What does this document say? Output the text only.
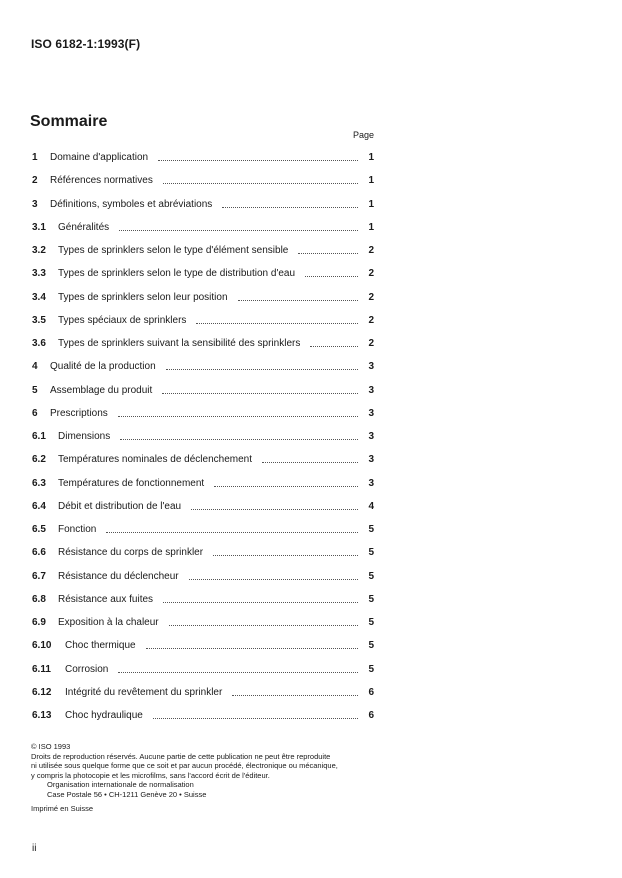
ISO 6182-1:1993(F)
Sommaire
Page
1 Domaine d'application	1
2 Références normatives	1
3 Définitions, symboles et abréviations	1
3.1 Généralités	1
3.2 Types de sprinklers selon le type d'élément sensible	2
3.3 Types de sprinklers selon le type de distribution d'eau	2
3.4 Types de sprinklers selon leur position	2
3.5 Types spéciaux de sprinklers	2
3.6 Types de sprinklers suivant la sensibilité des sprinklers	2
4 Qualité de la production	3
5 Assemblage du produit	3
6 Prescriptions	3
6.1 Dimensions	3
6.2 Températures nominales de déclenchement	3
6.3 Températures de fonctionnement	3
6.4 Débit et distribution de l'eau	4
6.5 Fonction	5
6.6 Résistance du corps de sprinkler	5
6.7 Résistance du déclencheur	5
6.8 Résistance aux fuites	5
6.9 Exposition à la chaleur	5
6.10 Choc thermique	5
6.11 Corrosion	5
6.12 Intégrité du revêtement du sprinkler	6
6.13 Choc hydraulique	6
© ISO 1993
Droits de reproduction réservés. Aucune partie de cette publication ne peut être reproduite
ni utilisée sous quelque forme que ce soit et par aucun procédé, électronique ou mécanique,
y compris la photocopie et les microfilms, sans l'accord écrit de l'éditeur.
Organisation internationale de normalisation
Case Postale 56 • CH-1211 Genève 20 • Suisse
Imprimé en Suisse
ii
